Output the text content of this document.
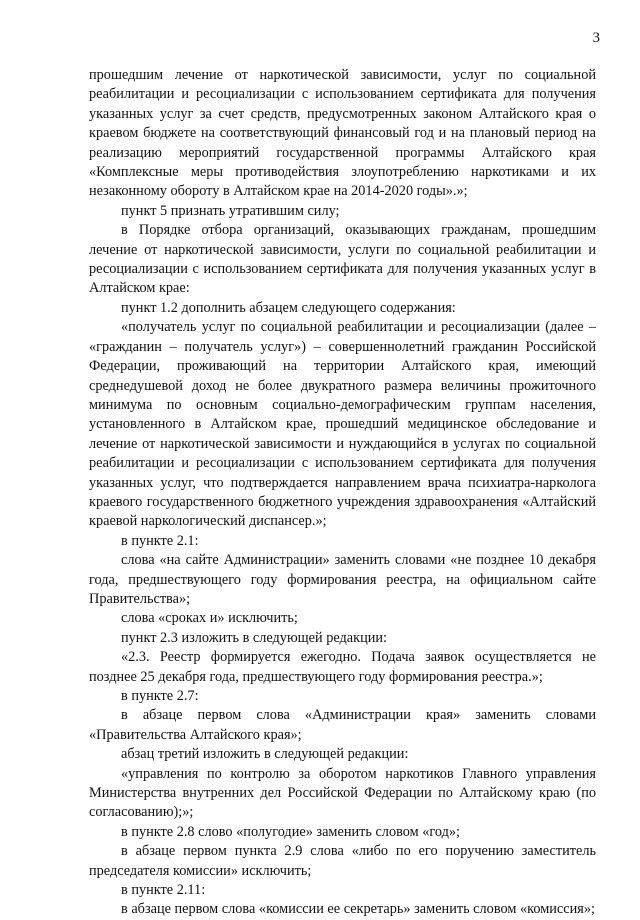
3

прошедшим лечение от наркотической зависимости, услуг по социальной реабилитации и ресоциализации с использованием сертификата для получения указанных услуг за счет средств, предусмотренных законом Алтайского края о краевом бюджете на соответствующий финансовый год и на плановый период на реализацию мероприятий государственной программы Алтайского края «Комплексные меры противодействия злоупотреблению наркотиками и их незаконному обороту в Алтайском крае на 2014-2020 годы».»;

пункт 5 признать утратившим силу;

в Порядке отбора организаций, оказывающих гражданам, прошедшим лечение от наркотической зависимости, услуги по социальной реабилитации и ресоциализации с использованием сертификата для получения указанных услуг в Алтайском крае:

пункт 1.2 дополнить абзацем следующего содержания:

«получатель услуг по социальной реабилитации и ресоциализации (далее – «гражданин – получатель услуг») – совершеннолетний гражданин Российской Федерации, проживающий на территории Алтайского края, имеющий среднедушевой доход не более двукратного размера величины прожиточного минимума по основным социально-демографическим группам населения, установленного в Алтайском крае, прошедший медицинское обследование и лечение от наркотической зависимости и нуждающийся в услугах по социальной реабилитации и ресоциализации с использованием сертификата для получения указанных услуг, что подтверждается направлением врача психиатра-нарколога краевого государственного бюджетного учреждения здравоохранения «Алтайский краевой наркологический диспансер.»;

в пункте 2.1:

слова «на сайте Администрации» заменить словами «не позднее 10 декабря года, предшествующего году формирования реестра, на официальном сайте Правительства»;

слова «сроках и» исключить;

пункт 2.3 изложить в следующей редакции:

«2.3. Реестр формируется ежегодно. Подача заявок осуществляется не позднее 25 декабря года, предшествующего году формирования реестра.»;

в пункте 2.7:

в абзаце первом слова «Администрации края» заменить словами «Правительства Алтайского края»;

абзац третий изложить в следующей редакции:

«управления по контролю за оборотом наркотиков Главного управления Министерства внутренних дел Российской Федерации по Алтайскому краю (по согласованию);»;

в пункте 2.8 слово «полугодие» заменить словом «год»;

в абзаце первом пункта 2.9 слова «либо по его поручению заместитель председателя комиссии» исключить;

в пункте 2.11:

в абзаце первом слова «комиссии ее секретарь» заменить словом «комиссия»;
